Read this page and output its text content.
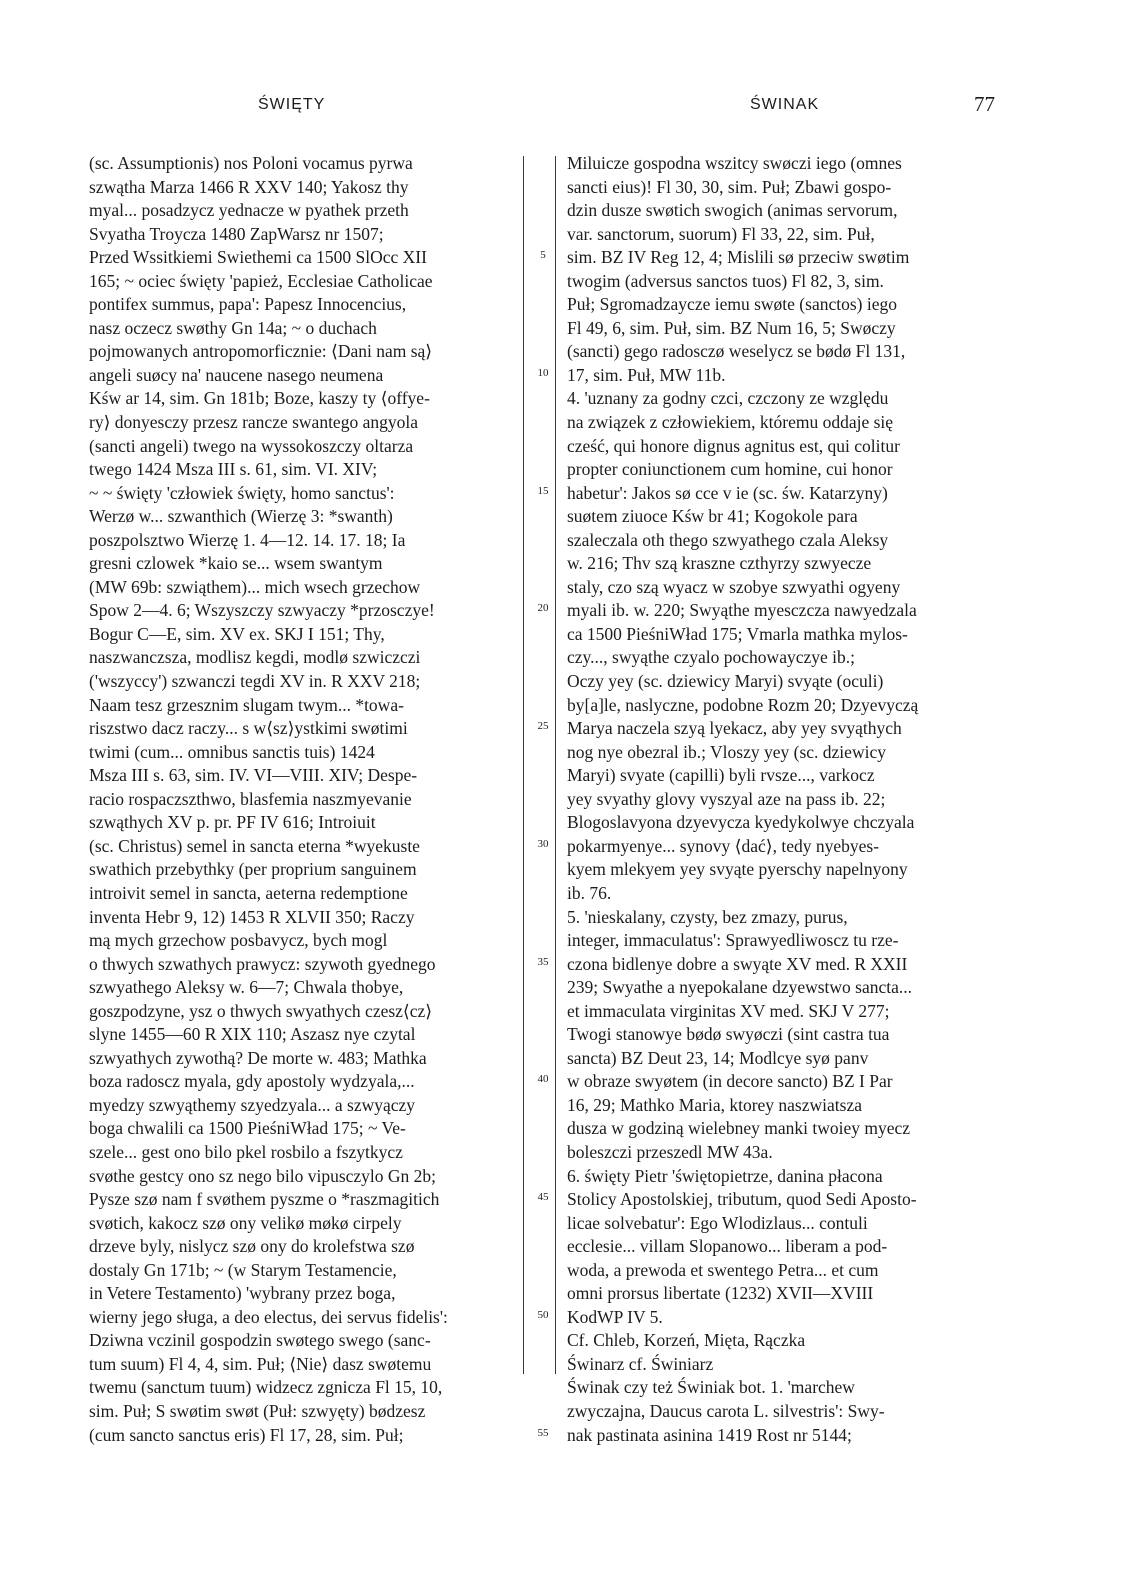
ŚWIĘTY	ŚWINAK	77
(sc. Assumptionis) nos Poloni vocamus pyrwa
szwątha Marza 1466 R XXV 140; Yakosz thy
myal... posadzycz yednacze w pyathek przeth
Svyatha Troycza 1480 ZapWarsz nr 1507;
Przed Wssitkiemi Swiethemi ca 1500 SlOcc XII
165; ~ ociec święty 'papież, Ecclesiae Catholicae
pontifex summus, papa': Papesz Innocencius,
nasz oczecz swøthy Gn 14a; ~ o duchach
pojmowanych antropomorficznie: ⟨Dani nam są⟩
angeli suøcy na' naucene nasego neumena
Kśw ar 14, sim. Gn 181b; Boze, kaszy ty ⟨offye-
ry⟩ donyesczy przesz rancze swantego angyola
(sancti angeli) twego na wyssokoszczy oltarza
twego 1424 Msza III s. 61, sim. VI. XIV;
~ ~ święty 'człowiek święty, homo sanctus':
Werzø w... szwanthich (Wierzę 3: *swanth)
poszpolsztwo Wierzę 1. 4—12. 14. 17. 18; Ia
gresni czlowek *kaio se... wsem swantym
(MW 69b: szwiąthem)... mich wsech grzechow
Spow 2—4. 6; Wszyszczy szwyaczy *przosczye!
Bogur C—E, sim. XV ex. SKJ I 151; Thy,
naszwanczsza, modlisz kegdi, modlø szwiczczi
('wszyccy') szwanczi tegdi XV in. R XXV 218;
Naam tesz grzesznim slugam twym... *towa-
riszstwo dacz raczy... s w⟨sz⟩ystkimi swøtimi
twimi (cum... omnibus sanctis tuis) 1424
Msza III s. 63, sim. IV. VI—VIII. XIV; Despe-
racio rospaczszthwo, blasfemia naszmyevanie
szwąthych XV p. pr. PF IV 616; Introiuit
(sc. Christus) semel in sancta eterna *wyekuste
swathich przebythky (per proprium sanguinem
introivit semel in sancta, aeterna redemptione
inventa Hebr 9, 12) 1453 R XLVII 350; Raczy
mą mych grzechow posbavycz, bych mogl
o thwych szwathych prawycz: szywoth gyednego
szwyathego Aleksy w. 6—7; Chwala thobye,
goszpodzyne, ysz o thwych swyathych czesz⟨cz⟩
slyne 1455—60 R XIX 110; Aszasz nye czytal
szwyathych zywothą? De morte w. 483; Mathka
boza radoscz myala, gdy apostoly wydzyala,...
myedzy szwyąthemy szyedzyala... a szwyączy
boga chwalili ca 1500 PieśniWład 175; ~ Ve-
szele... gest ono bilo pkel rosbilo a fszytkycz
svøthe gestcy ono sz nego bilo vipusczylo Gn 2b;
Pysze szø nam f svøthem pyszme o *raszmagitich
svøtich, kakocz szø ony velikø møkø cirpely
drzeve byly, nislycz szø ony do krolefstwa szø
dostaly Gn 171b; ~ (w Starym Testamencie,
in Vetere Testamento) 'wybrany przez boga,
wierny jego sługa, a deo electus, dei servus fidelis':
Dziwna vczinil gospodzin swøtego swego (sanc-
tum suum) Fl 4, 4, sim. Puł; ⟨Nie⟩ dasz swøtemu
twemu (sanctum tuum) widzecz zgnicza Fl 15, 10,
sim. Puł; S swøtim swøt (Puł: szwyęty) bødzesz
(cum sancto sanctus eris) Fl 17, 28, sim. Puł;
5
10
15
20
25
30
35
40
45
50
55
Miluicze gospodna wszitcy swøczi iego (omnes
sancti eius)! Fl 30, 30, sim. Puł; Zbawi gospo-
dzin dusze swøtich swogich (animas servorum,
var. sanctorum, suorum) Fl 33, 22, sim. Puł,
sim. BZ IV Reg 12, 4; Mislili sø przeciw swøtim
twogim (adversus sanctos tuos) Fl 82, 3, sim.
Puł; Sgromadzaycze iemu swøte (sanctos) iego
Fl 49, 6, sim. Puł, sim. BZ Num 16, 5; Swøczy
(sancti) gego radosczø weselycz se bødø Fl 131,
17, sim. Puł, MW 11b.
4. 'uznany za godny czci, czczony ze względu
na związek z człowiekiem, któremu oddaje się
cześć, qui honore dignus agnitus est, qui colitur
propter coniunctionem cum homine, cui honor
habetur': Jakos sø cce v ie (sc. św. Katarzyny)
suøtem ziuoce Kśw br 41; Kogokole para
szaleczala oth thego szwyathego czala Aleksy
w. 216; Thv szą kraszne czthyrzy szwyecze
staly, czo szą wyacz w szobye szwyathi ogyeny
myali ib. w. 220; Swyąthe myesczcza nawyedzala
ca 1500 PieśniWład 175; Vmarla mathka mylos-
czy..., swyąthe czyalo pochowayczye ib.;
Oczy yey (sc. dziewicy Maryi) svyąte (oculi)
by[a]le, naslyczne, podobne Rozm 20; Dzyevyczą
Marya naczela szyą lyekacz, aby yey svyąthych
nog nye obezral ib.; Vloszy yey (sc. dziewicy
Maryi) svyate (capilli) byli rvsze..., varkocz
yey svyathy glovy vyszyal aze na pass ib. 22;
Blogoslavyona dzyevycza kyedykolwye chczyala
pokarmyenye... synovy ⟨dać⟩, tedy nyebyes-
kyem mlekyem yey svyąte pyerschy napelnyony
ib. 76.
5. 'nieskalany, czysty, bez zmazy, purus,
integer, immaculatus': Sprawyedliwoscz tu rze-
czona bidlenye dobre a swyąte XV med. R XXII
239; Swyathe a nyepokalane dzyewstwo sancta...
et immaculata virginitas XV med. SKJ V 277;
Twogi stanowye bødø swyøczi (sint castra tua
sancta) BZ Deut 23, 14; Modlcye syø panv
w obraze swyøtem (in decore sancto) BZ I Par
16, 29; Mathko Maria, ktorey naszwiatsza
dusza w godziną wielebney manki twoiey myecz
boleszczi przeszedl MW 43a.
6. święty Pietr 'świętopietrze, danina płacona
Stolicy Apostolskiej, tributum, quod Sedi Aposto-
licae solvebatur': Ego Wlodizlaus... contuli
ecclesie... villam Slopanowo... liberam a pod-
woda, a prewoda et swentego Petra... et cum
omni prorsus libertate (1232) XVII—XVIII
KodWP IV 5.
Cf. Chleb, Korzeń, Mięta, Rączka
Świnarz cf. Świniarz
Świnak czy też Świniak bot. 1. 'marchew
zwyczajna, Daucus carota L. silvestris': Swy-
nak pastinata asinina 1419 Rost nr 5144;
